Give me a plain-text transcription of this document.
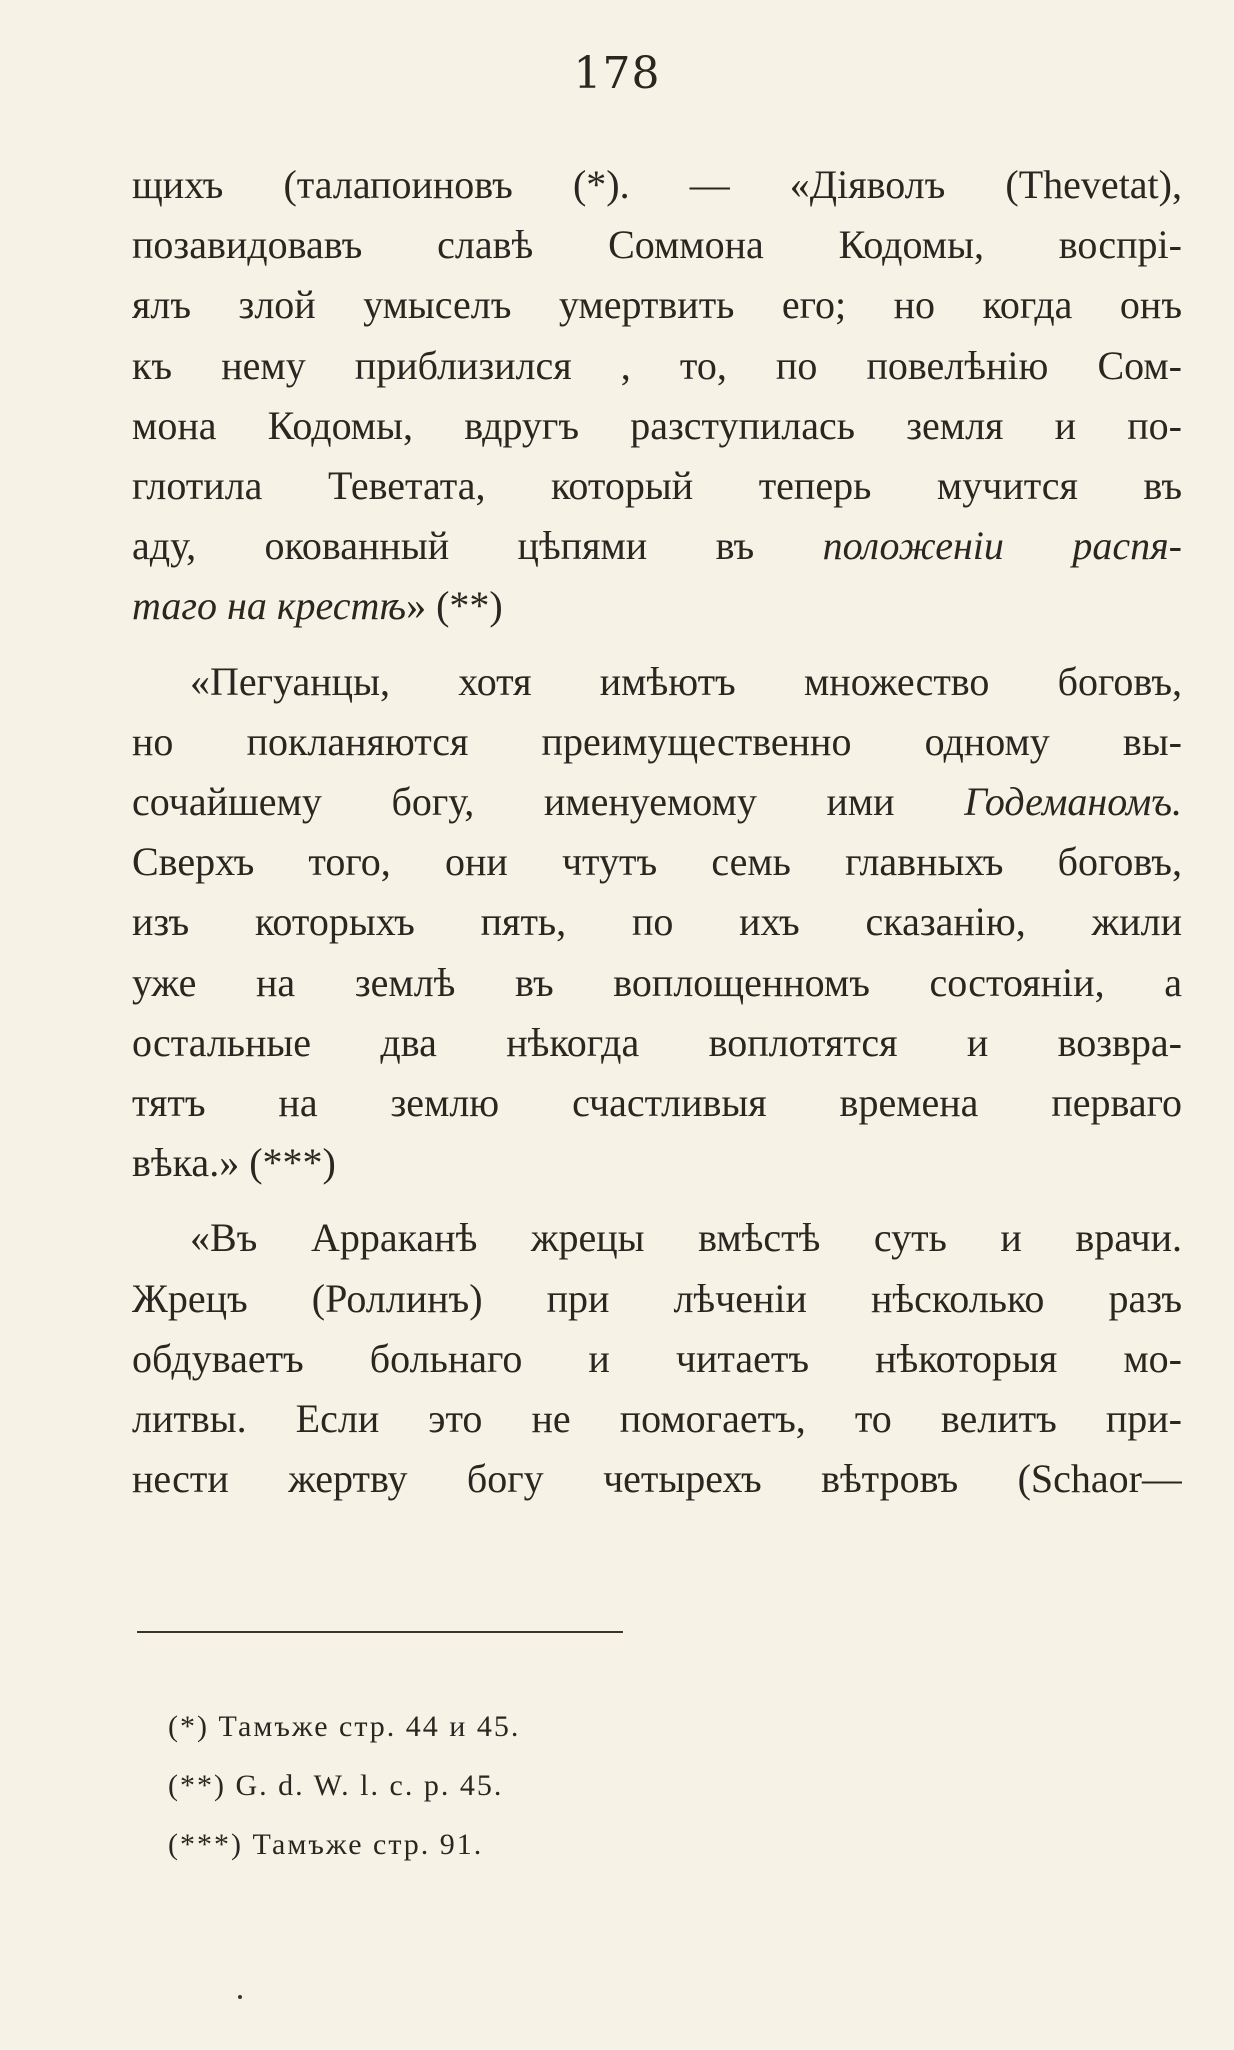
178

щихъ (талапоиновъ (*). — «Діяволъ (Thevetat),
позавидовавъ славѣ Соммона Кодомы, воспрі-
ялъ злой умыселъ умертвить его; но когда онъ
къ нему приблизился , то, по повелѣнію Сом-
мона Кодомы, вдругъ разступилась земля и по-
глотила Теветата, который теперь мучится въ
аду, окованный цѣпями въ положеніи распя-
таго на крестѣ» (**)

«Пегуанцы, хотя имѣютъ множество боговъ,
но покланяются преимущественно одному вы-
сочайшему богу, именуемому ими Годеманомъ.
Сверхъ того, они чтутъ семь главныхъ боговъ,
изъ которыхъ пять, по ихъ сказанію, жили
уже на землѣ въ воплощенномъ состояніи, а
остальные два нѣкогда воплотятся и возвра-
тятъ на землю счастливыя времена перваго
вѣка.» (***)

«Въ Арраканѣ жрецы вмѣстѣ суть и врачи.
Жрецъ (Роллинъ) при лѣченіи нѣсколько разъ
обдуваетъ больнаго и читаетъ нѣкоторыя мо-
литвы. Если это не помогаетъ, то велитъ при-
нести жертву богу четырехъ вѣтровъ (Schaor—

(*) Тамъже стр. 44 и 45.
(**) G. d. W. l. c. p. 45.
(***) Тамъже стр. 91.
